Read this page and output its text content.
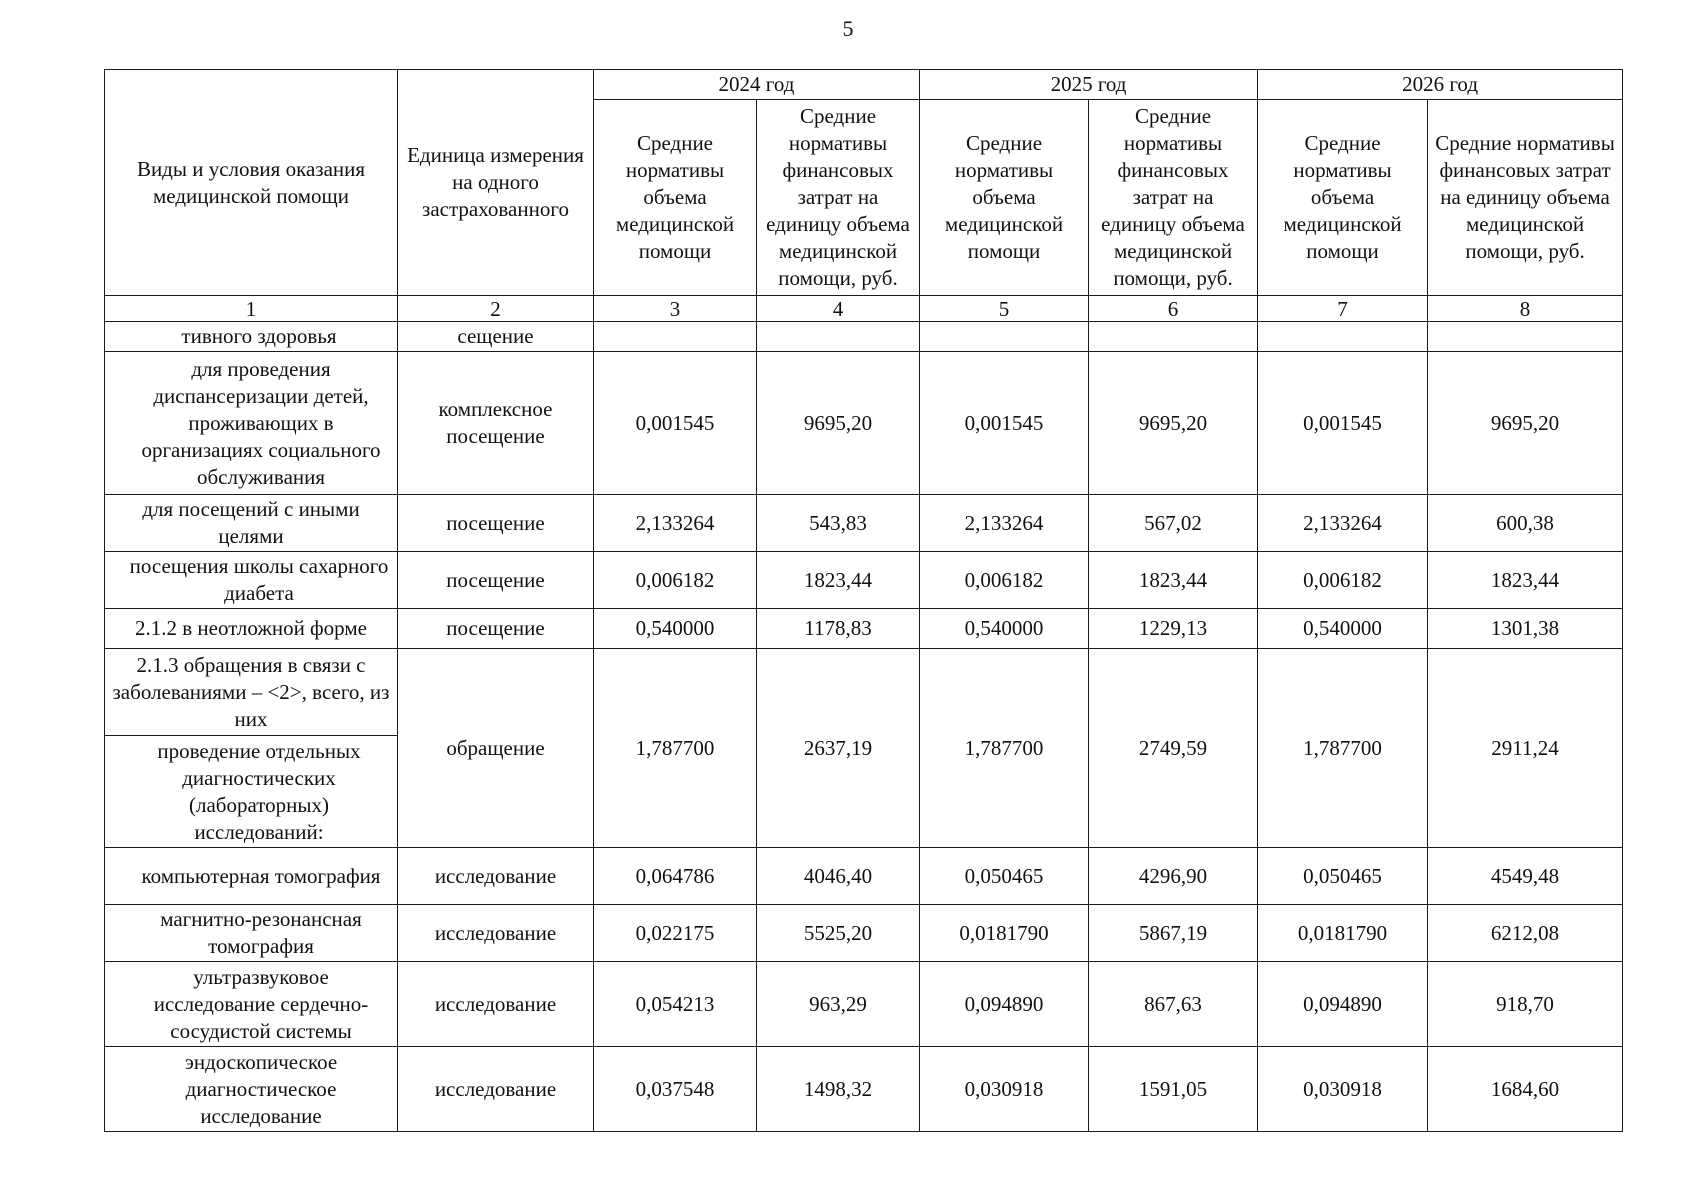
5
Виды и условия оказания медицинской помощи	Единица измерения на одного застрахованного	2024 год		2025 год		2026 год	
		Средние нормативы объема медицинской помощи	Средние нормативы финансовых затрат на единицу объема медицинской помощи, руб.	Средние нормативы объема медицинской помощи	Средние нормативы финансовых затрат на единицу объема медицинской помощи, руб.	Средние нормативы объема медицинской помощи	Средние нормативы финансовых затрат на единицу объема медицинской помощи, руб.
1	2	3	4	5	6	7	8
тивного здоровья	сещение						
для проведения диспансеризации детей, проживающих в организациях социального обслуживания	комплексное посещение	0,001545	9695,20	0,001545	9695,20	0,001545	9695,20
для посещений с иными целями	посещение	2,133264	543,83	2,133264	567,02	2,133264	600,38
посещения школы сахарного диабета	посещение	0,006182	1823,44	0,006182	1823,44	0,006182	1823,44
2.1.2 в неотложной форме	посещение	0,540000	1178,83	0,540000	1229,13	0,540000	1301,38
2.1.3 обращения в связи с заболеваниями – <2>, всего, из них	обращение	1,787700	2637,19	1,787700	2749,59	1,787700	2911,24
проведение отдельных диагностических (лабораторных) исследований:							
компьютерная томография	исследование	0,064786	4046,40	0,050465	4296,90	0,050465	4549,48
магнитно-резонансная томография	исследование	0,022175	5525,20	0,0181790	5867,19	0,0181790	6212,08
ультразвуковое исследование сердечно-сосудистой системы	исследование	0,054213	963,29	0,094890	867,63	0,094890	918,70
эндоскопическое диагностическое исследование	исследование	0,037548	1498,32	0,030918	1591,05	0,030918	1684,60
